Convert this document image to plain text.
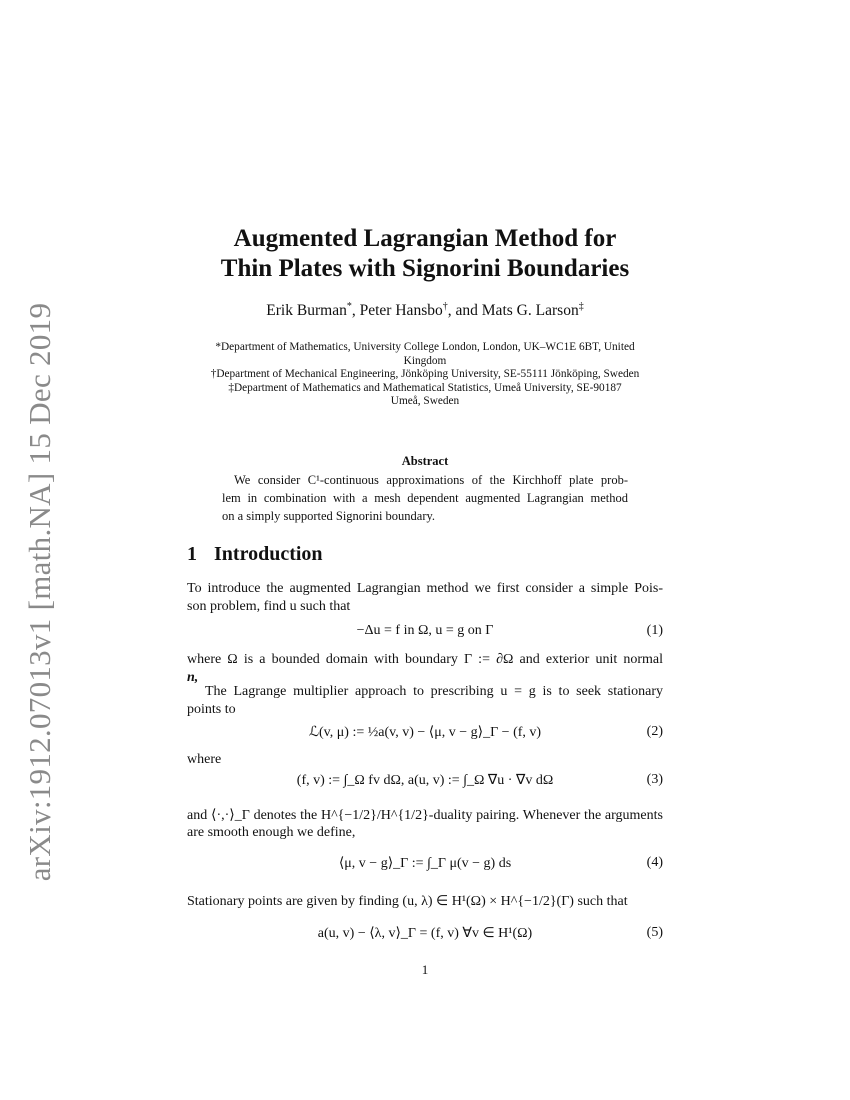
arXiv:1912.07013v1 [math.NA] 15 Dec 2019
Augmented Lagrangian Method for
Thin Plates with Signorini Boundaries
Erik Burman*, Peter Hansbo†, and Mats G. Larson‡
*Department of Mathematics, University College London, London, UK–WC1E 6BT, United
Kingdom
†Department of Mechanical Engineering, Jönköping University, SE-55111 Jönköping, Sweden
‡Department of Mathematics and Mathematical Statistics, Umeå University, SE-90187
Umeå, Sweden
Abstract
We consider C¹-continuous approximations of the Kirchhoff plate prob-
lem in combination with a mesh dependent augmented Lagrangian method
on a simply supported Signorini boundary.
1 Introduction
To introduce the augmented Lagrangian method we first consider a simple Pois-
son problem, find u such that
−Δu = f in Ω, u = g on Γ	(1)
where Ω is a bounded domain with boundary Γ := ∂Ω and exterior unit normal
n,
The Lagrange multiplier approach to prescribing u = g is to seek stationary
points to
ℒ(v, μ) := ½a(v, v) − ⟨μ, v − g⟩_Γ − (f, v)	(2)
where
(f, v) := ∫_Ω fv dΩ, a(u, v) := ∫_Ω ∇u · ∇v dΩ	(3)
and ⟨·,·⟩_Γ denotes the H^{−1/2}/H^{1/2}-duality pairing. Whenever the arguments
are smooth enough we define,
⟨μ, v − g⟩_Γ := ∫_Γ μ(v − g) ds	(4)
Stationary points are given by finding (u, λ) ∈ H¹(Ω) × H^{−1/2}(Γ) such that
a(u, v) − ⟨λ, v⟩_Γ = (f, v) ∀v ∈ H¹(Ω)	(5)
1
